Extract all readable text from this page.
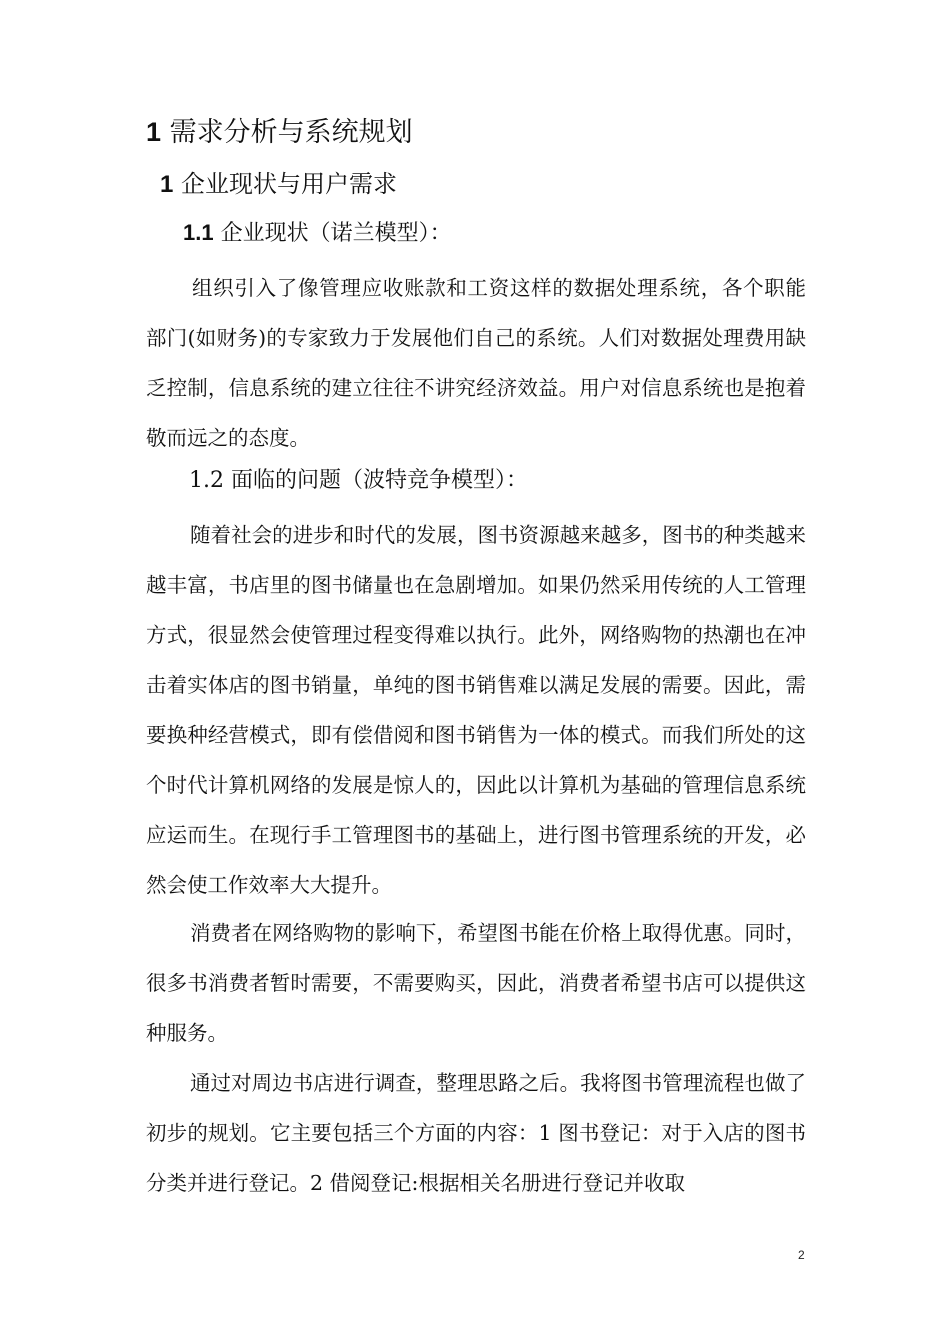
1 需求分析与系统规划
1 企业现状与用户需求
1.1 企业现状（诺兰模型）：
组织引入了像管理应收账款和工资这样的数据处理系统，各个职能部门(如财务)的专家致力于发展他们自己的系统。人们对数据处理费用缺乏控制，信息系统的建立往往不讲究经济效益。用户对信息系统也是抱着敬而远之的态度。
1.2 面临的问题（波特竞争模型）：
随着社会的进步和时代的发展，图书资源越来越多，图书的种类越来越丰富，书店里的图书储量也在急剧增加。如果仍然采用传统的人工管理方式，很显然会使管理过程变得难以执行。此外，网络购物的热潮也在冲击着实体店的图书销量，单纯的图书销售难以满足发展的需要。因此，需要换种经营模式，即有偿借阅和图书销售为一体的模式。而我们所处的这个时代计算机网络的发展是惊人的，因此以计算机为基础的管理信息系统应运而生。在现行手工管理图书的基础上，进行图书管理系统的开发，必然会使工作效率大大提升。
消费者在网络购物的影响下，希望图书能在价格上取得优惠。同时，很多书消费者暂时需要，不需要购买，因此，消费者希望书店可以提供这种服务。
通过对周边书店进行调查，整理思路之后。我将图书管理流程也做了初步的规划。它主要包括三个方面的内容：1 图书登记：对于入店的图书分类并进行登记。2 借阅登记:根据相关名册进行登记并收取
2
